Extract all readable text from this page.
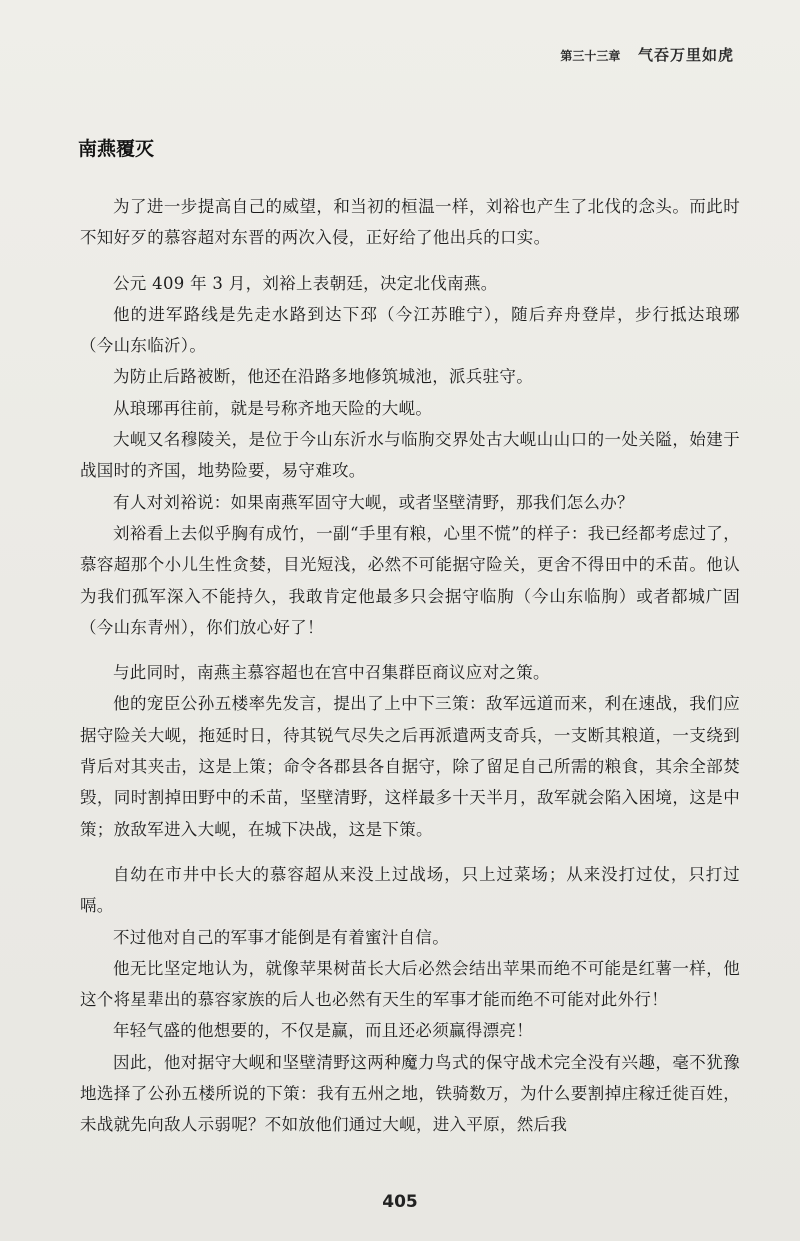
第三十三章 气吞万里如虎
南燕覆灭

为了进一步提高自己的威望，和当初的桓温一样，刘裕也产生了北伐的念头。而此时不知好歹的慕容超对东晋的两次入侵，正好给了他出兵的口实。

公元 409 年 3 月，刘裕上表朝廷，决定北伐南燕。

他的进军路线是先走水路到达下邳（今江苏睢宁），随后弃舟登岸，步行抵达琅琊（今山东临沂）。

为防止后路被断，他还在沿路多地修筑城池，派兵驻守。

从琅琊再往前，就是号称齐地天险的大岘。

大岘又名穆陵关，是位于今山东沂水与临朐交界处古大岘山山口的一处关隘，始建于战国时的齐国，地势险要，易守难攻。

有人对刘裕说：如果南燕军固守大岘，或者坚壁清野，那我们怎么办？

刘裕看上去似乎胸有成竹，一副“手里有粮，心里不慌”的样子：我已经都考虑过了，慕容超那个小儿生性贪婪，目光短浅，必然不可能据守险关，更舍不得田中的禾苗。他认为我们孤军深入不能持久，我敢肯定他最多只会据守临朐（今山东临朐）或者都城广固（今山东青州），你们放心好了！

与此同时，南燕主慕容超也在宫中召集群臣商议应对之策。

他的宠臣公孙五楼率先发言，提出了上中下三策：敌军远道而来，利在速战，我们应据守险关大岘，拖延时日，待其锐气尽失之后再派遣两支奇兵，一支断其粮道，一支绕到背后对其夹击，这是上策；命令各郡县各自据守，除了留足自己所需的粮食，其余全部焚毁，同时割掉田野中的禾苗，坚壁清野，这样最多十天半月，敌军就会陷入困境，这是中策；放敌军进入大岘，在城下决战，这是下策。

自幼在市井中长大的慕容超从来没上过战场，只上过菜场；从来没打过仗，只打过嗝。

不过他对自己的军事才能倒是有着蜜汁自信。

他无比坚定地认为，就像苹果树苗长大后必然会结出苹果而绝不可能是红薯一样，他这个将星辈出的慕容家族的后人也必然有天生的军事才能而绝不可能对此外行！

年轻气盛的他想要的，不仅是赢，而且还必须赢得漂亮！

因此，他对据守大岘和坚壁清野这两种魔力鸟式的保守战术完全没有兴趣，毫不犹豫地选择了公孙五楼所说的下策：我有五州之地，铁骑数万，为什么要割掉庄稼迁徙百姓，未战就先向敌人示弱呢？不如放他们通过大岘，进入平原，然后我

405
